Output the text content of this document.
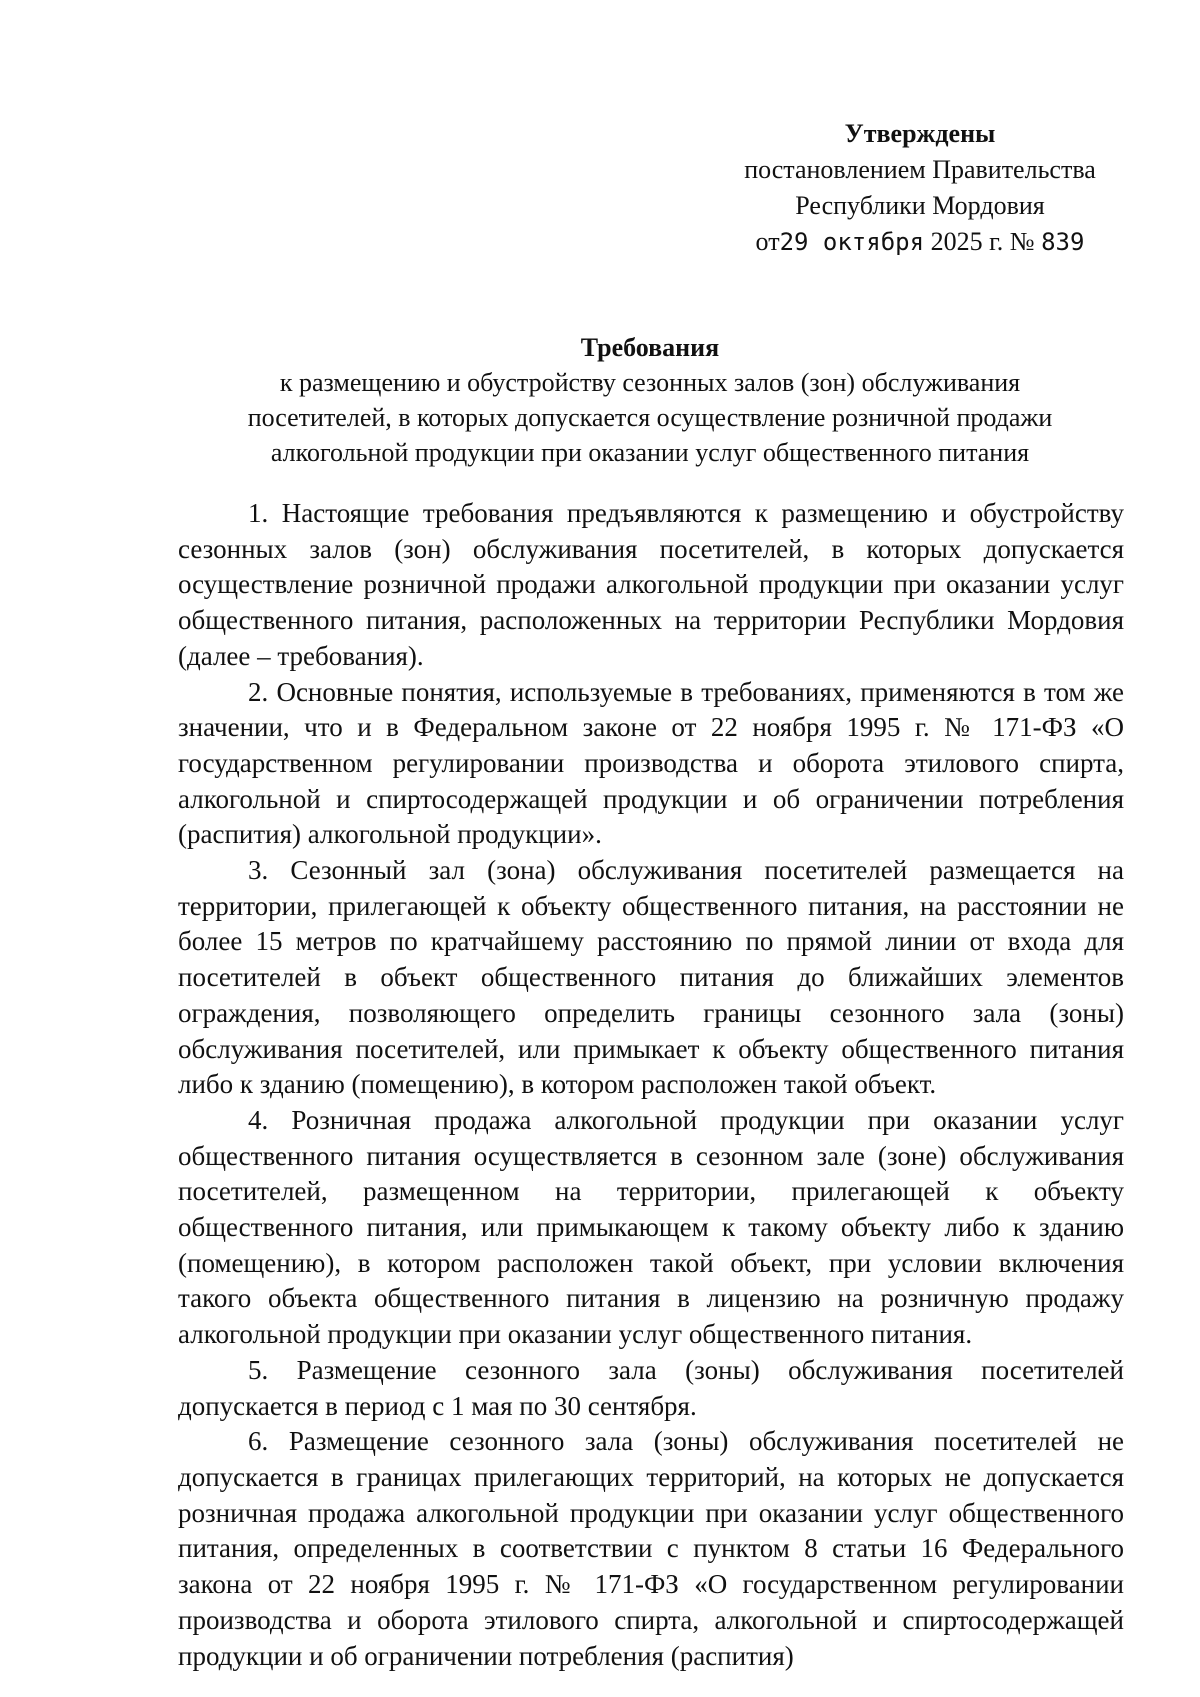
Утверждены
постановлением Правительства
Республики Мордовия
от29 октября 2025 г. № 839
Требования
к размещению и обустройству сезонных залов (зон) обслуживания
посетителей, в которых допускается осуществление розничной продажи
алкогольной продукции при оказании услуг общественного питания

1. Настоящие требования предъявляются к размещению и обустройству сезонных залов (зон) обслуживания посетителей, в которых допускается осуществление розничной продажи алкогольной продукции при оказании услуг общественного питания, расположенных на территории Республики Мордовия (далее – требования).

2. Основные понятия, используемые в требованиях, применяются в том же значении, что и в Федеральном законе от 22 ноября 1995 г. № 171-ФЗ «О государственном регулировании производства и оборота этилового спирта, алкогольной и спиртосодержащей продукции и об ограничении потребления (распития) алкогольной продукции».

3. Сезонный зал (зона) обслуживания посетителей размещается на территории, прилегающей к объекту общественного питания, на расстоянии не более 15 метров по кратчайшему расстоянию по прямой линии от входа для посетителей в объект общественного питания до ближайших элементов ограждения, позволяющего определить границы сезонного зала (зоны) обслуживания посетителей, или примыкает к объекту общественного питания либо к зданию (помещению), в котором расположен такой объект.

4. Розничная продажа алкогольной продукции при оказании услуг общественного питания осуществляется в сезонном зале (зоне) обслуживания посетителей, размещенном на территории, прилегающей к объекту общественного питания, или примыкающем к такому объекту либо к зданию (помещению), в котором расположен такой объект, при условии включения такого объекта общественного питания в лицензию на розничную продажу алкогольной продукции при оказании услуг общественного питания.

5. Размещение сезонного зала (зоны) обслуживания посетителей допускается в период с 1 мая по 30 сентября.

6. Размещение сезонного зала (зоны) обслуживания посетителей не допускается в границах прилегающих территорий, на которых не допускается розничная продажа алкогольной продукции при оказании услуг общественного питания, определенных в соответствии с пунктом 8 статьи 16 Федерального закона от 22 ноября 1995 г. № 171-ФЗ «О государственном регулировании производства и оборота этилового спирта, алкогольной и спиртосодержащей продукции и об ограничении потребления (распития)
